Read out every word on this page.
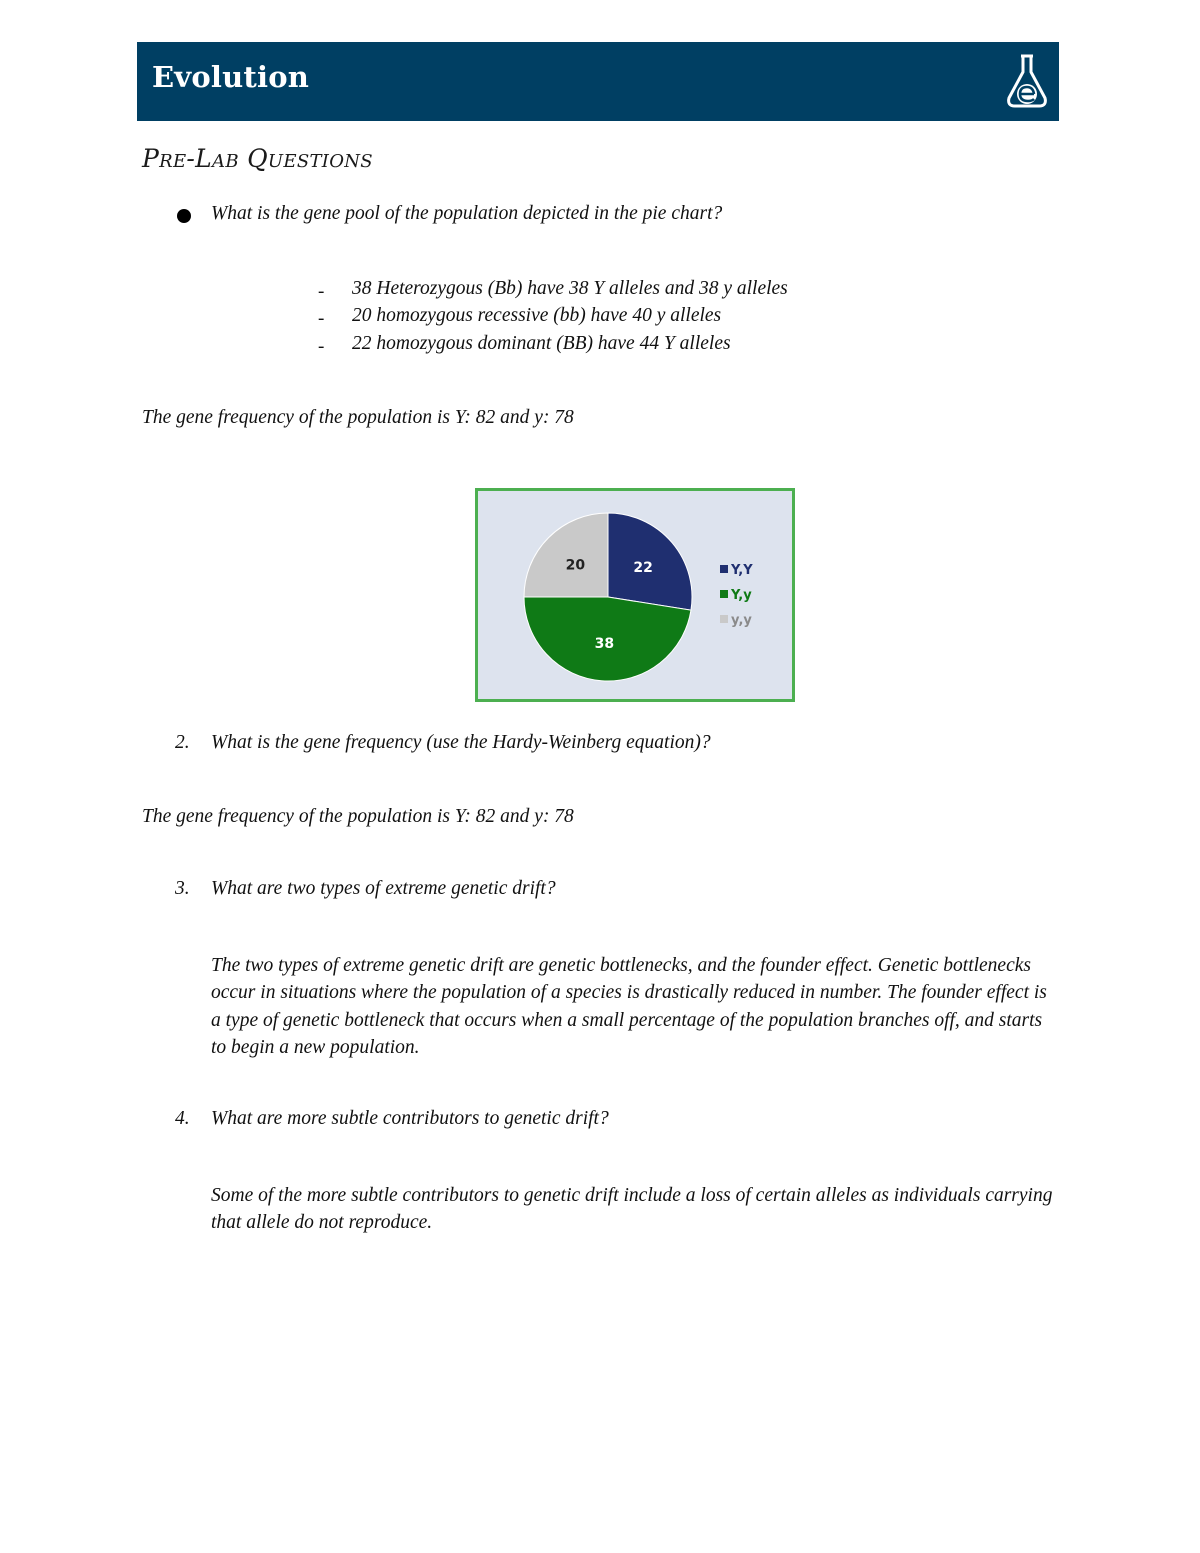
Evolution
Pre-Lab Questions
What is the gene pool of the population depicted in the pie chart?
- 38 Heterozygous (Bb) have 38 Y alleles and 38 y alleles
- 20 homozygous recessive (bb) have 40 y alleles
- 22 homozygous dominant (BB) have 44 Y alleles
The gene frequency of the population is Y: 82 and y: 78
22
38
20	Y,Y
Y,y
y,y
2. What is the gene frequency (use the Hardy-Weinberg equation)?
The gene frequency of the population is Y: 82 and y: 78
3. What are two types of extreme genetic drift?
The two types of extreme genetic drift are genetic bottlenecks, and the founder effect. Genetic bottlenecks occur in situations where the population of a species is drastically reduced in number. The founder effect is a type of genetic bottleneck that occurs when a small percentage of the population branches off, and starts to begin a new population.
4. What are more subtle contributors to genetic drift?
Some of the more subtle contributors to genetic drift include a loss of certain alleles as individuals carrying that allele do not reproduce.
